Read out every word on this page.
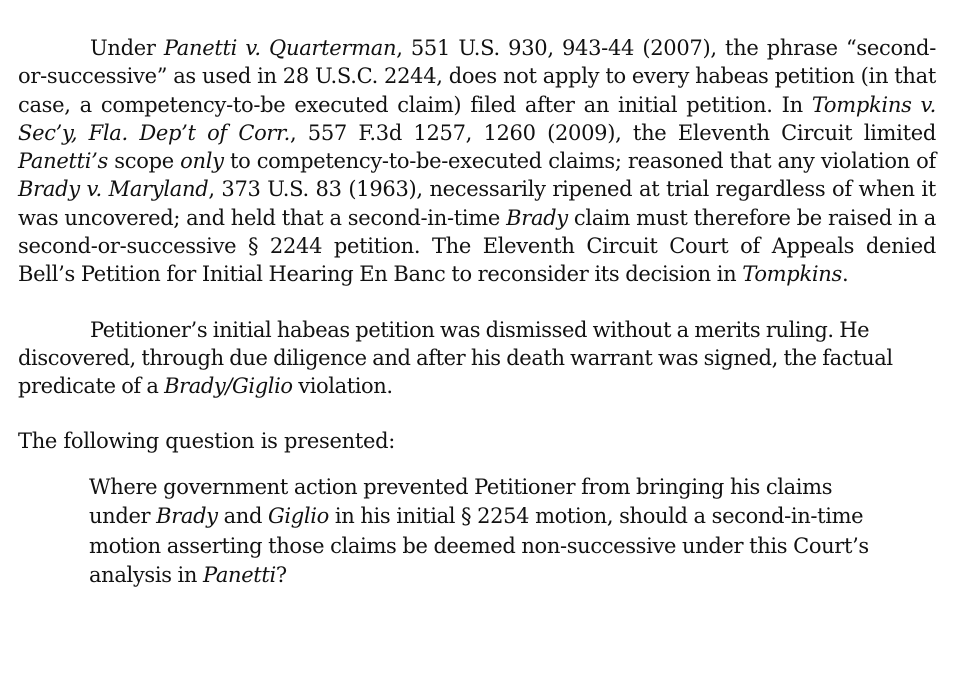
Under Panetti v. Quarterman, 551 U.S. 930, 943-44 (2007), the phrase “second-or-successive” as used in 28 U.S.C. 2244, does not apply to every habeas petition (in that case, a competency-to-be executed claim) filed after an initial petition. In Tompkins v. Sec’y, Fla. Dep’t of Corr., 557 F.3d 1257, 1260 (2009), the Eleventh Circuit limited Panetti’s scope only to competency-to-be-executed claims; reasoned that any violation of Brady v. Maryland, 373 U.S. 83 (1963), necessarily ripened at trial regardless of when it was uncovered; and held that a second-in-time Brady claim must therefore be raised in a second-or-successive § 2244 petition. The Eleventh Circuit Court of Appeals denied Bell’s Petition for Initial Hearing En Banc to reconsider its decision in Tompkins.

Petitioner’s initial habeas petition was dismissed without a merits ruling. He discovered, through due diligence and after his death warrant was signed, the factual predicate of a Brady/Giglio violation.

The following question is presented:

Where government action prevented Petitioner from bringing his claims under Brady and Giglio in his initial § 2254 motion, should a second-in-time motion asserting those claims be deemed non-successive under this Court’s analysis in Panetti?
